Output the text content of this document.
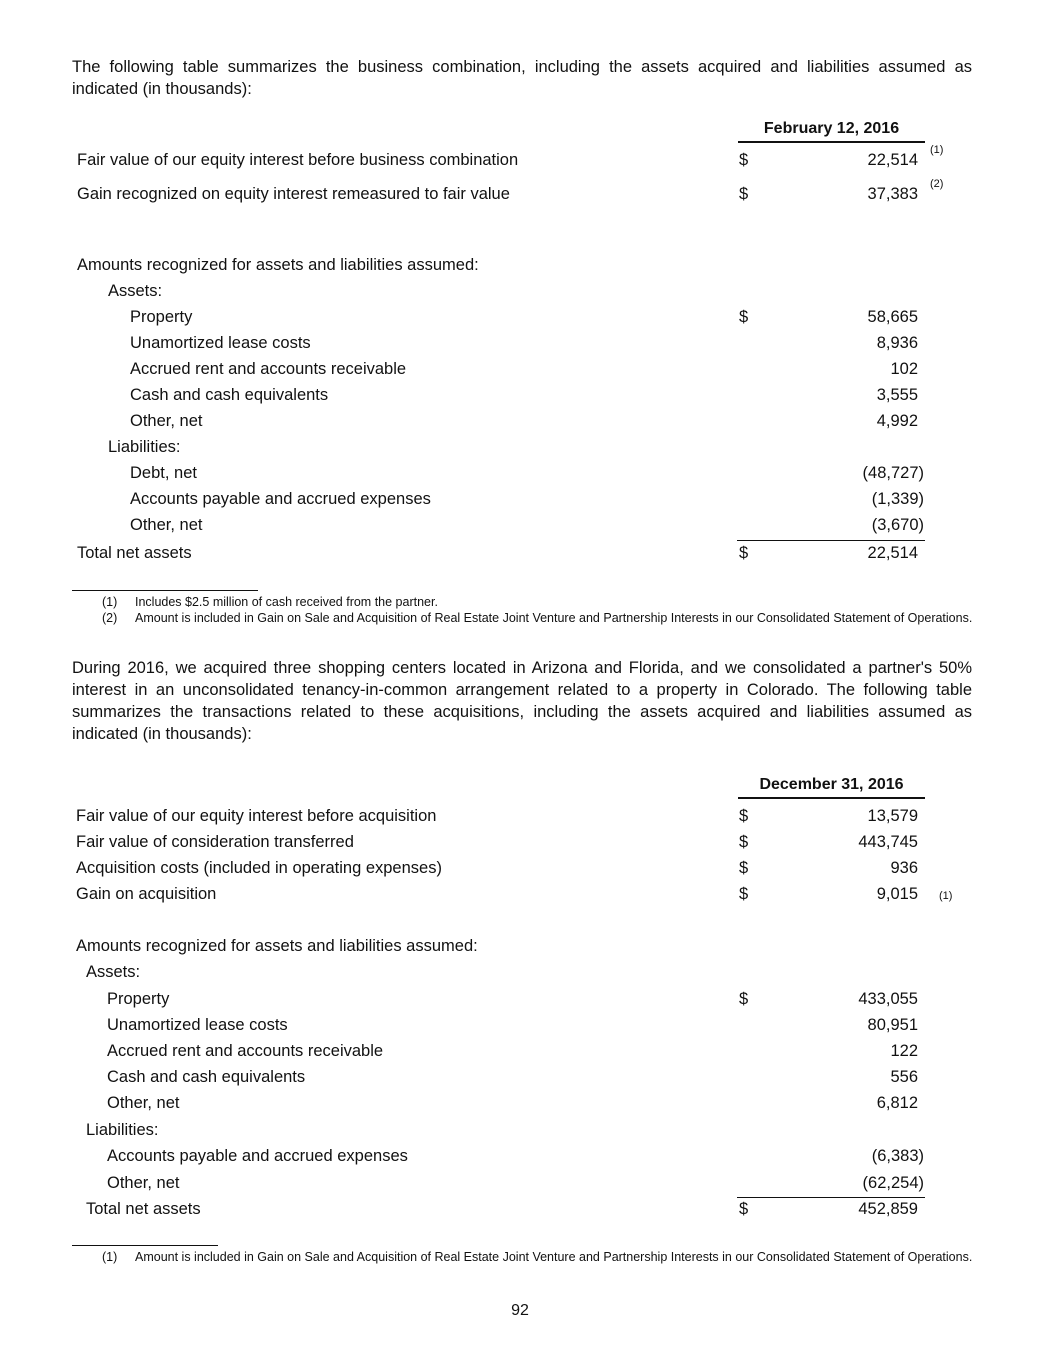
The following table summarizes the business combination, including the assets acquired and liabilities assumed as indicated (in thousands):
February 12, 2016
Fair value of our equity interest before business combination	$	22,514
(1)
Gain recognized on equity interest remeasured to fair value	$	37,383
(2)
Amounts recognized for assets and liabilities assumed:
Assets:
Property	$	58,665
Unamortized lease costs	8,936
Accrued rent and accounts receivable	102
Cash and cash equivalents	3,555
Other, net	4,992
Liabilities:
Debt, net	(48,727)
Accounts payable and accrued expenses	(1,339)
Other, net	(3,670)
Total net assets	$	22,514
(1) Includes $2.5 million of cash received from the partner.
(2) Amount is included in Gain on Sale and Acquisition of Real Estate Joint Venture and Partnership Interests in our Consolidated Statement of Operations.
During 2016, we acquired three shopping centers located in Arizona and Florida, and we consolidated a partner's 50% interest in an unconsolidated tenancy-in-common arrangement related to a property in Colorado. The following table summarizes the transactions related to these acquisitions, including the assets acquired and liabilities assumed as indicated (in thousands):
December 31, 2016
Fair value of our equity interest before acquisition	$	13,579
Fair value of consideration transferred	$	443,745
Acquisition costs (included in operating expenses)	$	936
Gain on acquisition	$	9,015 (1)
Amounts recognized for assets and liabilities assumed:
Assets:
Property	$	433,055
Unamortized lease costs	80,951
Accrued rent and accounts receivable	122
Cash and cash equivalents	556
Other, net	6,812
Liabilities:
Accounts payable and accrued expenses	(6,383)
Other, net	(62,254)
Total net assets	$	452,859
(1) Amount is included in Gain on Sale and Acquisition of Real Estate Joint Venture and Partnership Interests in our Consolidated Statement of Operations.
92
